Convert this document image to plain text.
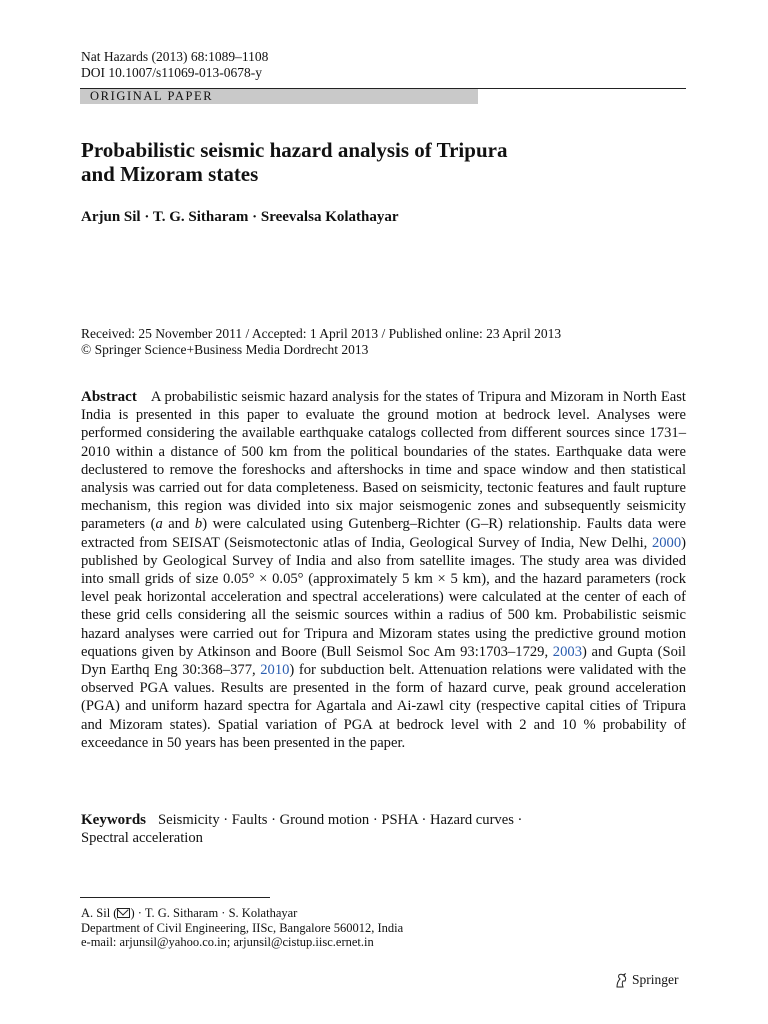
Nat Hazards (2013) 68:1089–1108
DOI 10.1007/s11069-013-0678-y
ORIGINAL PAPER
Probabilistic seismic hazard analysis of Tripura
and Mizoram states
Arjun Sil · T. G. Sitharam · Sreevalsa Kolathayar
Received: 25 November 2011 / Accepted: 1 April 2013 / Published online: 23 April 2013
© Springer Science+Business Media Dordrecht 2013
Abstract A probabilistic seismic hazard analysis for the states of Tripura and Mizoram in North East India is presented in this paper to evaluate the ground motion at bedrock level. Analyses were performed considering the available earthquake catalogs collected from different sources since 1731–2010 within a distance of 500 km from the political boundaries of the states. Earthquake data were declustered to remove the foreshocks and aftershocks in time and space window and then statistical analysis was carried out for data completeness. Based on seismicity, tectonic features and fault rupture mechanism, this region was divided into six major seismogenic zones and subsequently seismicity parameters (a and b) were calculated using Gutenberg–Richter (G–R) relationship. Faults data were extracted from SEISAT (Seismotectonic atlas of India, Geological Survey of India, New Delhi, 2000) published by Geological Survey of India and also from satellite images. The study area was divided into small grids of size 0.05° × 0.05° (approximately 5 km × 5 km), and the hazard parameters (rock level peak horizontal acceleration and spectral accelerations) were calculated at the center of each of these grid cells considering all the seismic sources within a radius of 500 km. Probabilistic seismic hazard analyses were carried out for Tripura and Mizoram states using the predictive ground motion equations given by Atkinson and Boore (Bull Seismol Soc Am 93:1703–1729, 2003) and Gupta (Soil Dyn Earthq Eng 30:368–377, 2010) for subduction belt. Attenuation relations were validated with the observed PGA values. Results are presented in the form of hazard curve, peak ground acceleration (PGA) and uniform hazard spectra for Agartala and Ai-zawl city (respective capital cities of Tripura and Mizoram states). Spatial variation of PGA at bedrock level with 2 and 10 % probability of exceedance in 50 years has been presented in the paper.
Keywords Seismicity · Faults · Ground motion · PSHA · Hazard curves ·
Spectral acceleration
A. Sil ( ) · T. G. Sitharam · S. Kolathayar
Department of Civil Engineering, IISc, Bangalore 560012, India
e-mail: arjunsil@yahoo.co.in; arjunsil@cistup.iisc.ernet.in
Springer
